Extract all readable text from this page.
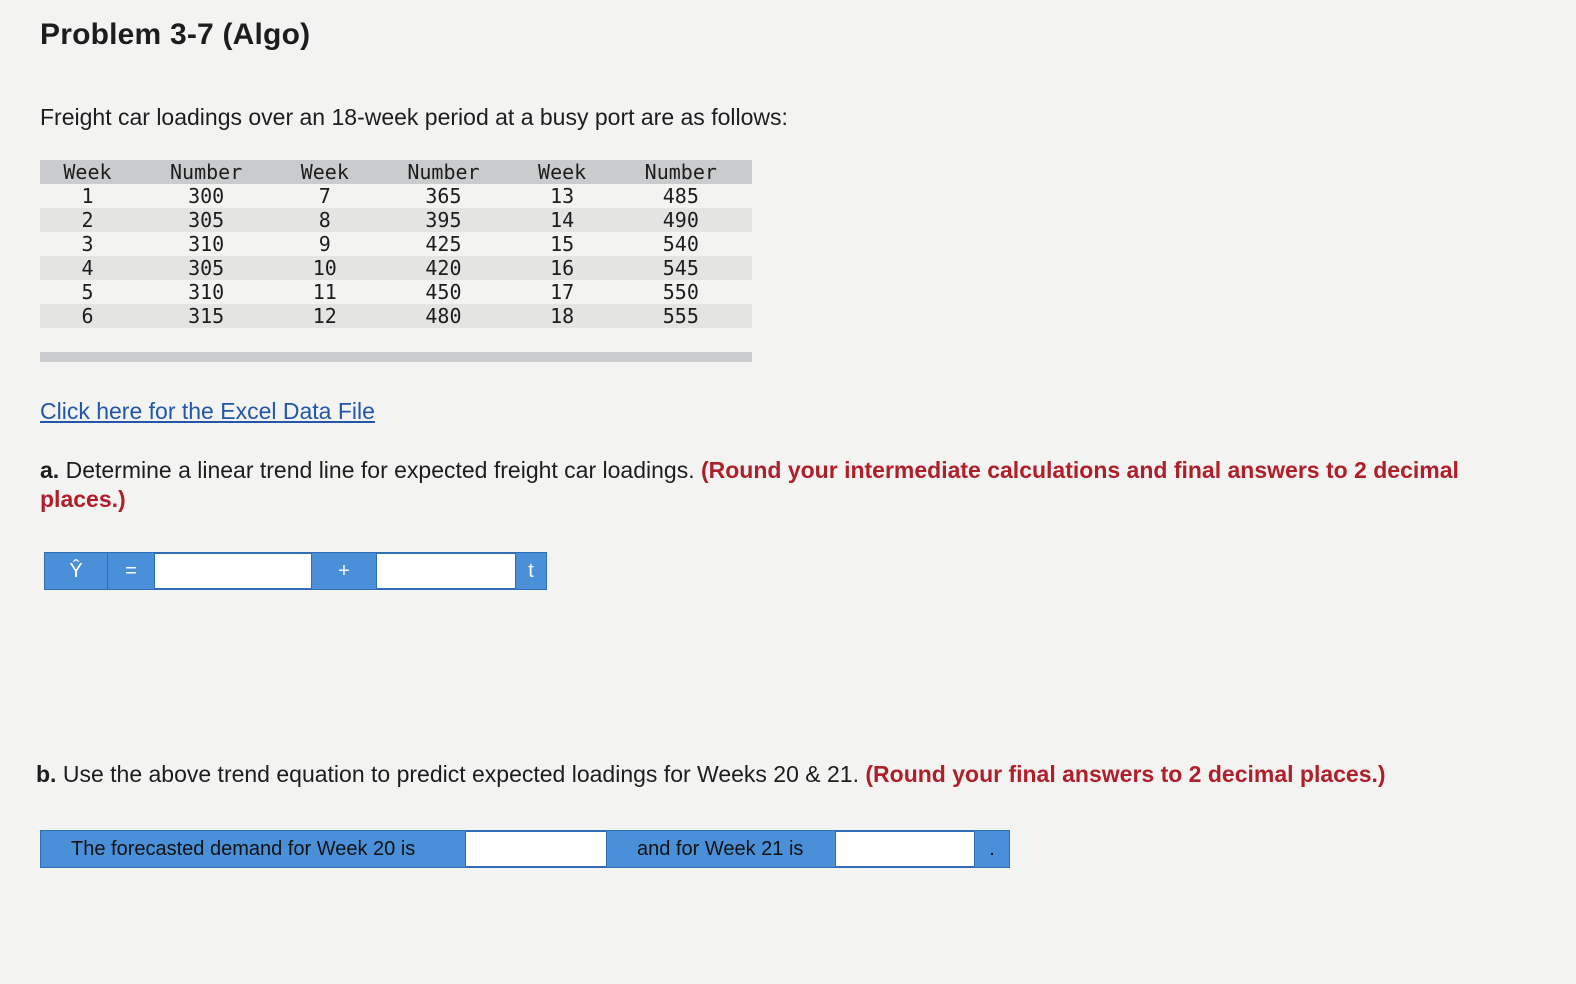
Problem 3-7 (Algo)
Freight car loadings over an 18-week period at a busy port are as follows:
Week	Number	Week	Number	Week	Number
1	300	7	365	13	485
2	305	8	395	14	490
3	310	9	425	15	540
4	305	10	420	16	545
5	310	11	450	17	550
6	315	12	480	18	555
Click here for the Excel Data File
a. Determine a linear trend line for expected freight car loadings. (Round your intermediate calculations and final answers to 2 decimal places.)
Ŷ	=	+	t
b. Use the above trend equation to predict expected loadings for Weeks 20 & 21. (Round your final answers to 2 decimal places.)
The forecasted demand for Week 20 is	and for Week 21 is	.
